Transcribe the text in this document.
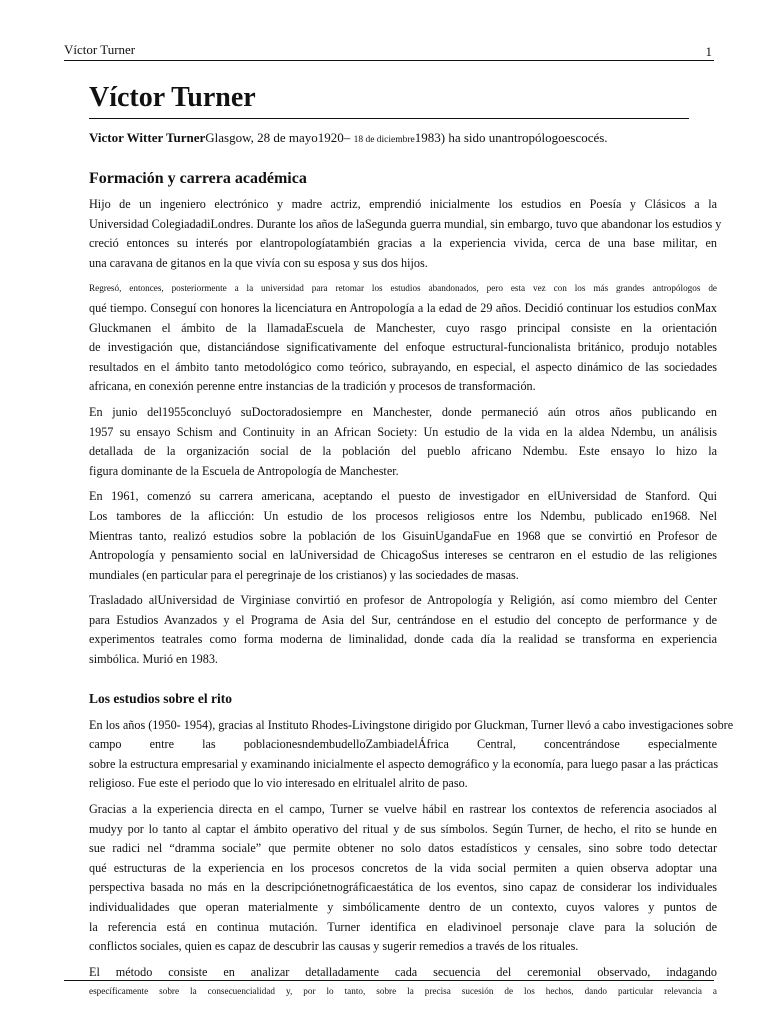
Víctor Turner	1
Víctor Turner

Victor Witter TurnerGlasgow, 28 de mayo1920– 18 de diciembre1983) ha sido unantropólogoescocés.

Formación y carrera académica
Hijo de un ingeniero electrónico y madre actriz, emprendió inicialmente los estudios en Poesía y Clásicos a la
Universidad ColegiadadiLondres. Durante los años de laSegunda guerra mundial, sin embargo, tuvo que abandonar los estudios y
creció entonces su interés por elantropologíatambién gracias a la experiencia vivida, cerca de una base militar, en
una caravana de gitanos en la que vivía con su esposa y sus dos hijos.
Regresó, entonces, posteriormente a la universidad para retomar los estudios abandonados, pero esta vez con los más grandes antropólogos de
qué tiempo. Conseguí con honores la licenciatura en Antropología a la edad de 29 años. Decidió continuar los estudios conMax
Gluckmanen el ámbito de la llamadaEscuela de Manchester, cuyo rasgo principal consiste en la orientación
de investigación que, distanciándose significativamente del enfoque estructural-funcionalista británico, produjo notables
resultados en el ámbito tanto metodológico como teórico, subrayando, en especial, el aspecto dinámico de las sociedades
africana, en conexión perenne entre instancias de la tradición y procesos de transformación.
En junio del1955concluyó suDoctoradosiempre en Manchester, donde permaneció aún otros años publicando en
1957 su ensayo Schism and Continuity in an African Society: Un estudio de la vida en la aldea Ndembu, un análisis
detallada de la organización social de la población del pueblo africano Ndembu. Este ensayo lo hizo la
figura dominante de la Escuela de Antropología de Manchester.
En 1961, comenzó su carrera americana, aceptando el puesto de investigador en elUniversidad de Stanford. Qui
Los tambores de la aflicción: Un estudio de los procesos religiosos entre los Ndembu, publicado en1968. Nel
Mientras tanto, realizó estudios sobre la población de los GisuinUgandaFue en 1968 que se convirtió en Profesor de
Antropología y pensamiento social en laUniversidad de ChicagoSus intereses se centraron en el estudio de las religiones
mundiales (en particular para el peregrinaje de los cristianos) y las sociedades de masas.
Trasladado alUniversidad de Virginiase convirtió en profesor de Antropología y Religión, así como miembro del Center
para Estudios Avanzados y el Programa de Asia del Sur, centrándose en el estudio del concepto de performance y de
experimentos teatrales como forma moderna de liminalidad, donde cada día la realidad se transforma en experiencia
simbólica. Murió en 1983.
Los estudios sobre el rito
En los años (1950- 1954), gracias al Instituto Rhodes-Livingstone dirigido por Gluckman, Turner llevó a cabo investigaciones sobre
campo entre las poblacionesndembudelloZambiadelÁfrica Central, concentrándose especialmente
sobre la estructura empresarial y examinando inicialmente el aspecto demográfico y la economía, para luego pasar a las prácticas
religioso. Fue este el periodo que lo vio interesado en elritualel alrito de paso.
Gracias a la experiencia directa en el campo, Turner se vuelve hábil en rastrear los contextos de referencia asociados al
mudyy por lo tanto al captar el ámbito operativo del ritual y de sus símbolos. Según Turner, de hecho, el rito se hunde en
sue radici nel “dramma sociale” que permite obtener no solo datos estadísticos y censales, sino sobre todo detectar
qué estructuras de la experiencia en los procesos concretos de la vida social permiten a quien observa adoptar una
perspectiva basada no más en la descripciónetnográficaestática de los eventos, sino capaz de considerar los individuales
individualidades que operan materialmente y simbólicamente dentro de un contexto, cuyos valores y puntos de
la referencia está en continua mutación. Turner identifica en eladivinoel personaje clave para la solución de
conflictos sociales, quien es capaz de descubrir las causas y sugerir remedios a través de los rituales.
El método consiste en analizar detalladamente cada secuencia del ceremonial observado, indagando
específicamente sobre la consecuencialidad y, por lo tanto, sobre la precisa sucesión de los hechos, dando particular relevancia a
